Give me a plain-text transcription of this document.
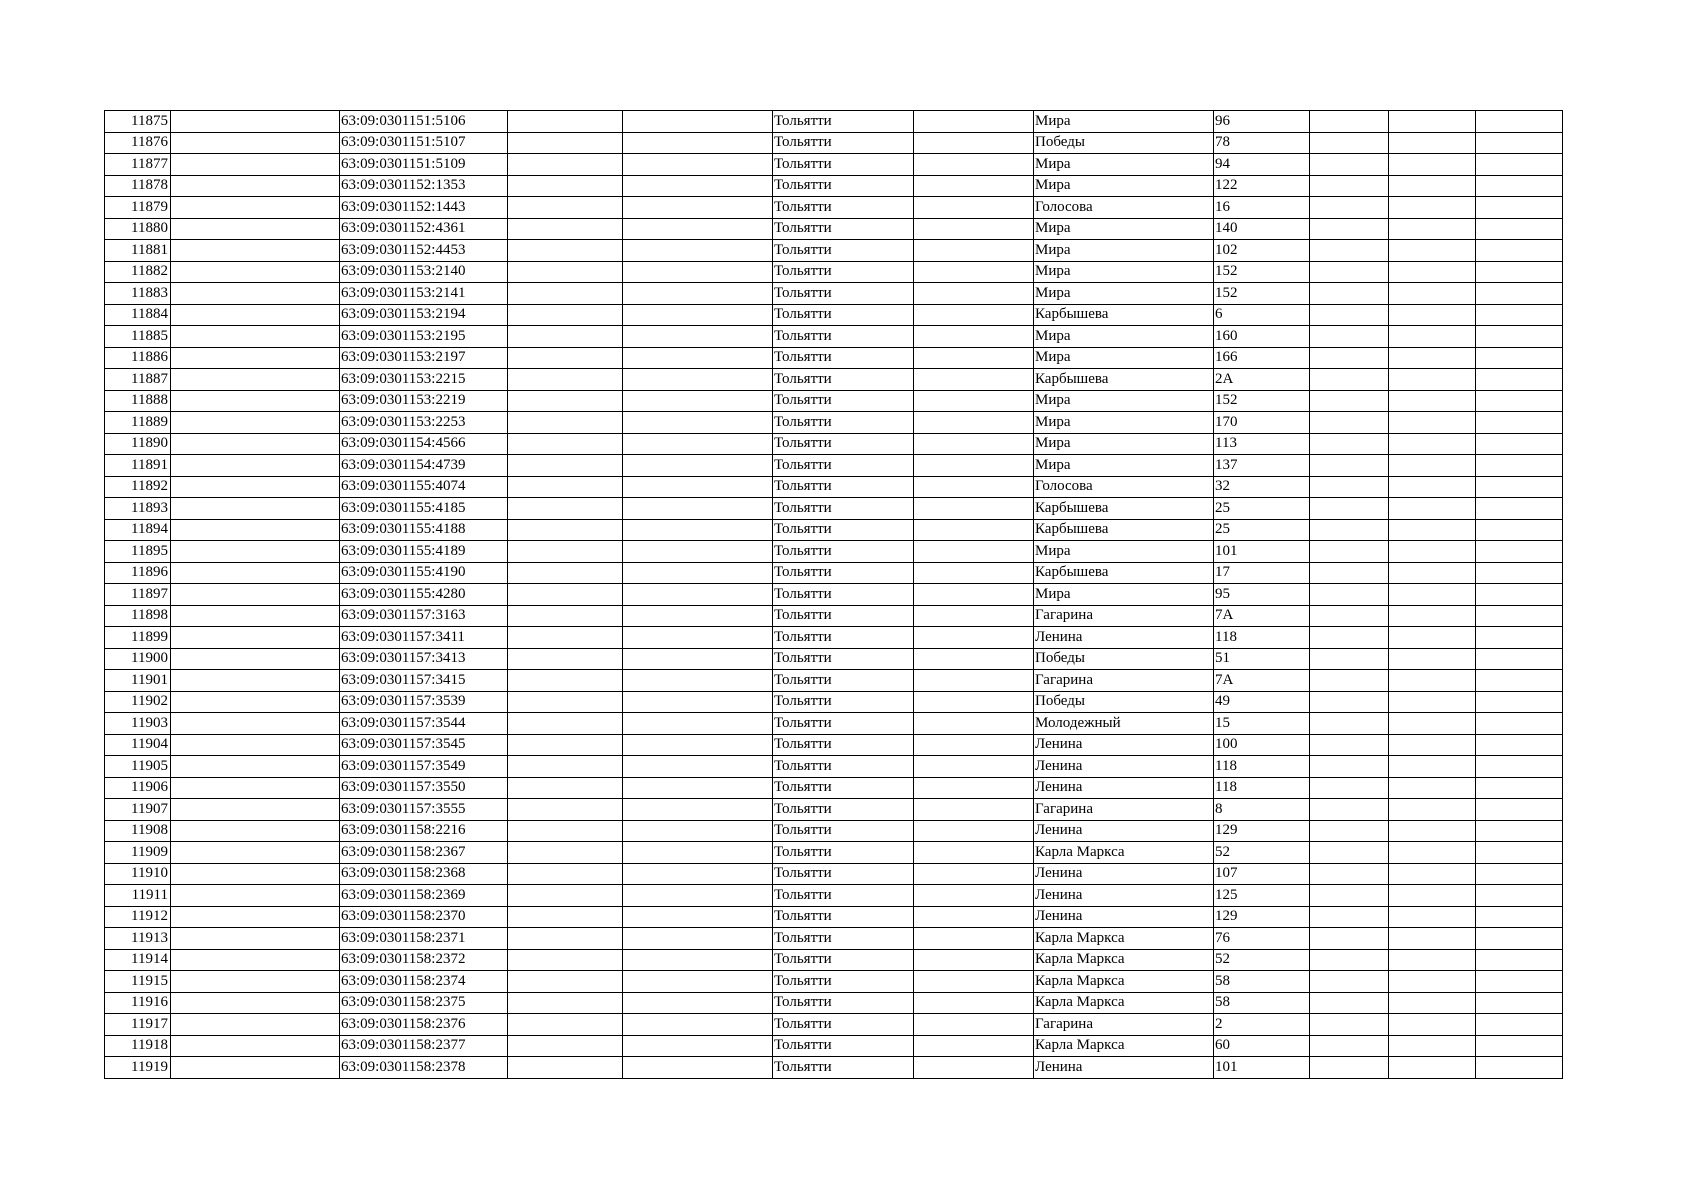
11875		63:09:0301151:5106			Тольятти		Мира	96			
11876		63:09:0301151:5107			Тольятти		Победы	78			
11877		63:09:0301151:5109			Тольятти		Мира	94			
11878		63:09:0301152:1353			Тольятти		Мира	122			
11879		63:09:0301152:1443			Тольятти		Голосова	16			
11880		63:09:0301152:4361			Тольятти		Мира	140			
11881		63:09:0301152:4453			Тольятти		Мира	102			
11882		63:09:0301153:2140			Тольятти		Мира	152			
11883		63:09:0301153:2141			Тольятти		Мира	152			
11884		63:09:0301153:2194			Тольятти		Карбышева	6			
11885		63:09:0301153:2195			Тольятти		Мира	160			
11886		63:09:0301153:2197			Тольятти		Мира	166			
11887		63:09:0301153:2215			Тольятти		Карбышева	2А			
11888		63:09:0301153:2219			Тольятти		Мира	152			
11889		63:09:0301153:2253			Тольятти		Мира	170			
11890		63:09:0301154:4566			Тольятти		Мира	113			
11891		63:09:0301154:4739			Тольятти		Мира	137			
11892		63:09:0301155:4074			Тольятти		Голосова	32			
11893		63:09:0301155:4185			Тольятти		Карбышева	25			
11894		63:09:0301155:4188			Тольятти		Карбышева	25			
11895		63:09:0301155:4189			Тольятти		Мира	101			
11896		63:09:0301155:4190			Тольятти		Карбышева	17			
11897		63:09:0301155:4280			Тольятти		Мира	95			
11898		63:09:0301157:3163			Тольятти		Гагарина	7А			
11899		63:09:0301157:3411			Тольятти		Ленина	118			
11900		63:09:0301157:3413			Тольятти		Победы	51			
11901		63:09:0301157:3415			Тольятти		Гагарина	7А			
11902		63:09:0301157:3539			Тольятти		Победы	49			
11903		63:09:0301157:3544			Тольятти		Молодежный	15			
11904		63:09:0301157:3545			Тольятти		Ленина	100			
11905		63:09:0301157:3549			Тольятти		Ленина	118			
11906		63:09:0301157:3550			Тольятти		Ленина	118			
11907		63:09:0301157:3555			Тольятти		Гагарина	8			
11908		63:09:0301158:2216			Тольятти		Ленина	129			
11909		63:09:0301158:2367			Тольятти		Карла Маркса	52			
11910		63:09:0301158:2368			Тольятти		Ленина	107			
11911		63:09:0301158:2369			Тольятти		Ленина	125			
11912		63:09:0301158:2370			Тольятти		Ленина	129			
11913		63:09:0301158:2371			Тольятти		Карла Маркса	76			
11914		63:09:0301158:2372			Тольятти		Карла Маркса	52			
11915		63:09:0301158:2374			Тольятти		Карла Маркса	58			
11916		63:09:0301158:2375			Тольятти		Карла Маркса	58			
11917		63:09:0301158:2376			Тольятти		Гагарина	2			
11918		63:09:0301158:2377			Тольятти		Карла Маркса	60			
11919		63:09:0301158:2378			Тольятти		Ленина	101			
